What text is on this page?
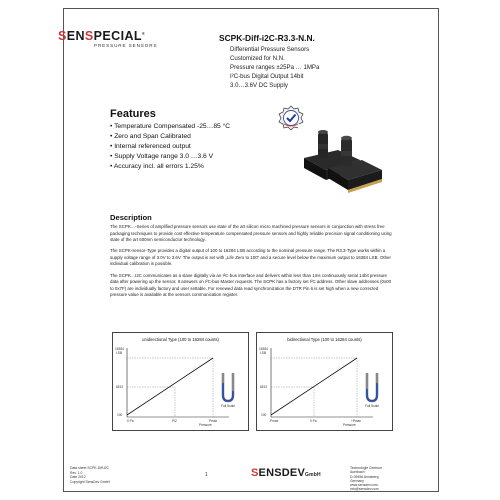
SENSPECIAL®
PRESSURE SENSORS
SCPK-Diff-i2C-R3.3-N.N.
Differential Pressure Sensors
Customized for N.N.
Pressure ranges ±25Pa … 1MPa
I²C-bus Digital Output 14bit
3.0…3.6V DC Supply
Features
• Temperature Compensated -25…85 °C
• Zero and Span Calibrated
• Internal referenced output
• Supply Voltage range 3.0 …3.6 V
• Accuracy incl. all errors 1.25%
Description

The SCPK…-Series of amplified pressure sensors use state of the art silicon micro machined pressure sensors in conjunction with stress free packaging techniques to provide cost effective temperature compensated pressure sensors and highly reliable precision signal conditioning using state of the art 600nm semiconductor technology.

The SCPK-sensor-Type provides a digital output of 100 to 16284 LSB according to the nominal pressure range. The R3.3-Type works within a supply voltage range of 3.0V to 3.6V. The output is set with „Life Zero to 100“ and a secure level below the maximum output to 16384 LSB. Other individual calibration is possible.

The SCPK…I2C communicates as a slave digitally via an I²C-bus interface and delivers within less than 1ms continuously serial 14bit pressure data after powering up the sensor. It answers on I²C-bus Master requests. The SCPK has a factory set I²C address. Other slave addresses (0x00 to 0x7F) are individually factory and user settable. For renewed data read synchronization the DTR Pin 6 is set high when a new corrected pressure value is available at the sensors communication register.

unidirectional Type (100 to 16284 counts)
16384
LSB
8192
100
0 Pa	P/2	Pmax
Pressure
Full Scale
bidirectional Type (100 to 16284 counts)
16384
LSB
8192
100
-Pmax	0 Pa	+Pmax
Pressure
Full Scale
Data sheet SCPK-Diff-i2C
Rev. 1.0
Date 2012
Copyright SensDev GmbH
1	SENSDEVGmbH
Technologie Centrum
Auerbach
D-09456 Annaberg
Germany
www.sensdev.com
info@sensdev.com
